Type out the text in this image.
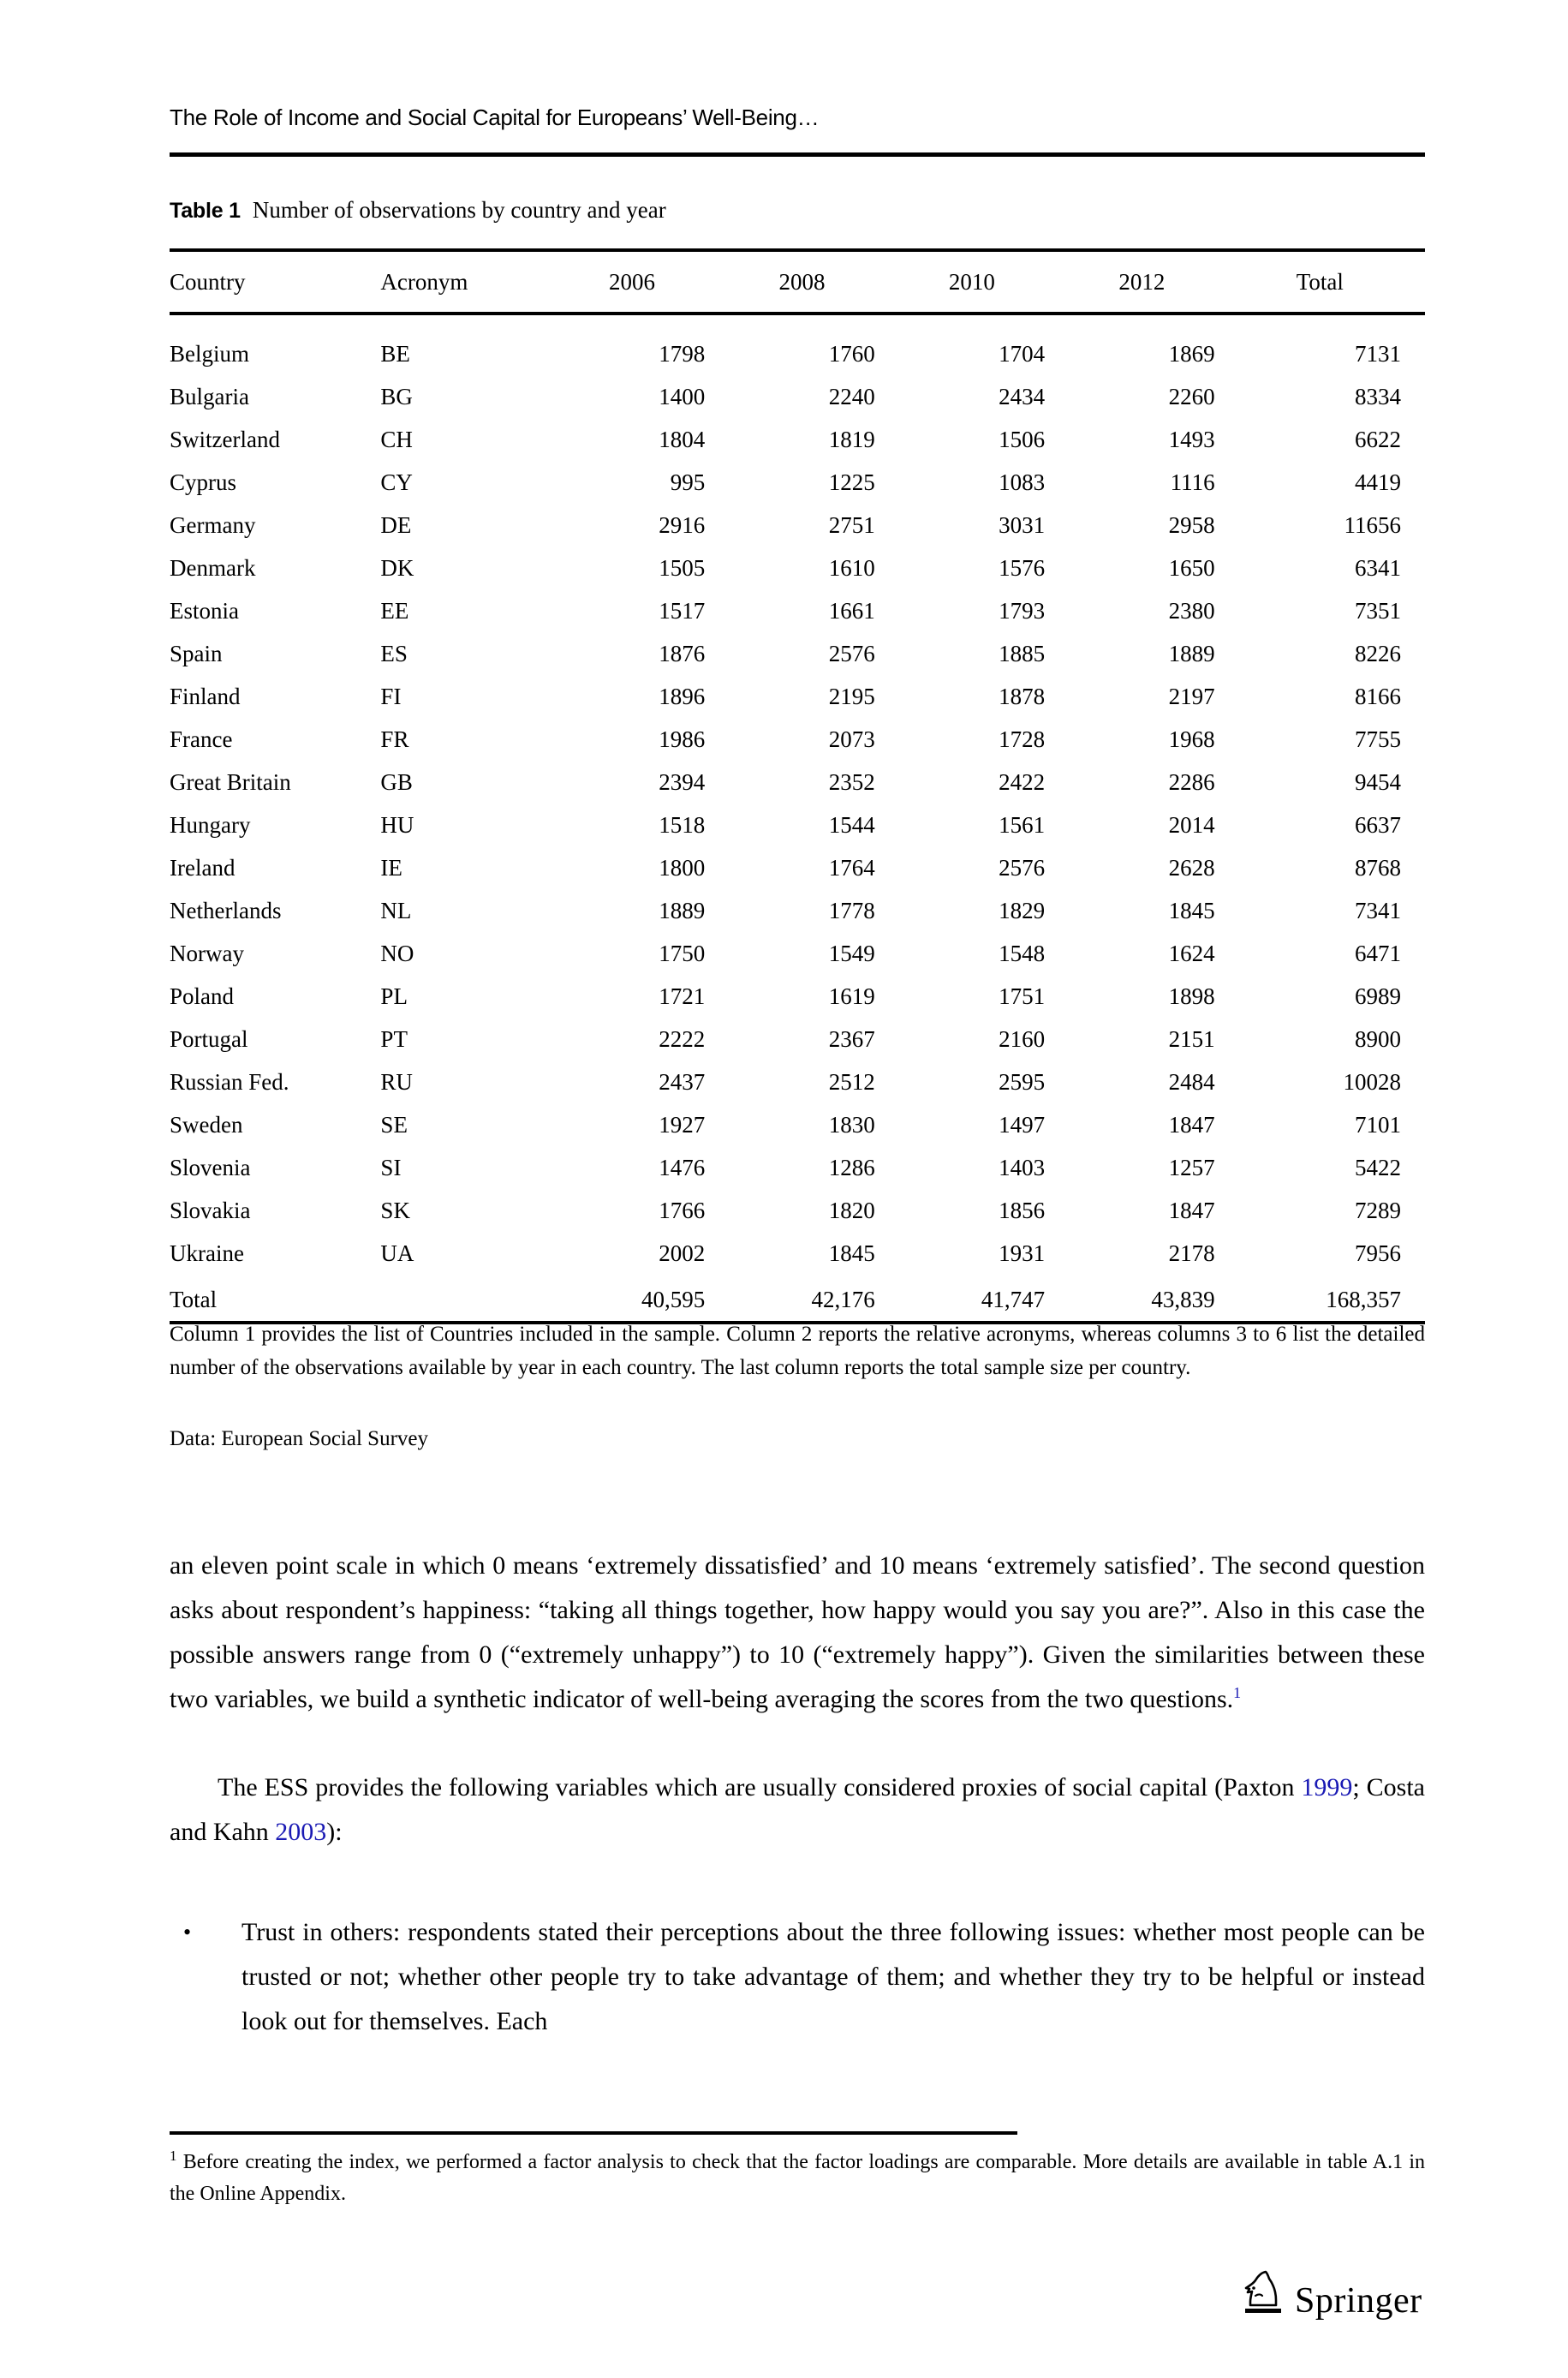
The Role of Income and Social Capital for Europeans’ Well-Being…
Table 1 Number of observations by country and year
Country	Acronym	2006	2008	2010	2012	Total
Belgium	BE	1798	1760	1704	1869	7131
Bulgaria	BG	1400	2240	2434	2260	8334
Switzerland	CH	1804	1819	1506	1493	6622
Cyprus	CY	995	1225	1083	1116	4419
Germany	DE	2916	2751	3031	2958	11656
Denmark	DK	1505	1610	1576	1650	6341
Estonia	EE	1517	1661	1793	2380	7351
Spain	ES	1876	2576	1885	1889	8226
Finland	FI	1896	2195	1878	2197	8166
France	FR	1986	2073	1728	1968	7755
Great Britain	GB	2394	2352	2422	2286	9454
Hungary	HU	1518	1544	1561	2014	6637
Ireland	IE	1800	1764	2576	2628	8768
Netherlands	NL	1889	1778	1829	1845	7341
Norway	NO	1750	1549	1548	1624	6471
Poland	PL	1721	1619	1751	1898	6989
Portugal	PT	2222	2367	2160	2151	8900
Russian Fed.	RU	2437	2512	2595	2484	10028
Sweden	SE	1927	1830	1497	1847	7101
Slovenia	SI	1476	1286	1403	1257	5422
Slovakia	SK	1766	1820	1856	1847	7289
Ukraine	UA	2002	1845	1931	2178	7956
Total		40,595	42,176	41,747	43,839	168,357
Column 1 provides the list of Countries included in the sample. Column 2 reports the relative acronyms, whereas columns 3 to 6 list the detailed number of the observations available by year in each country. The last column reports the total sample size per country.
Data: European Social Survey
an eleven point scale in which 0 means ‘extremely dissatisfied’ and 10 means ‘extremely satisfied’. The second question asks about respondent’s happiness: “taking all things together, how happy would you say you are?”. Also in this case the possible answers range from 0 (“extremely unhappy”) to 10 (“extremely happy”). Given the similarities between these two variables, we build a synthetic indicator of well-being averaging the scores from the two questions.$^1$
The ESS provides the following variables which are usually considered proxies of social capital (Paxton 1999; Costa and Kahn 2003):
• Trust in others: respondents stated their perceptions about the three following issues: whether most people can be trusted or not; whether other people try to take advantage of them; and whether they try to be helpful or instead look out for themselves. Each
$^1$ Before creating the index, we performed a factor analysis to check that the factor loadings are comparable. More details are available in table A.1 in the Online Appendix.
Springer
